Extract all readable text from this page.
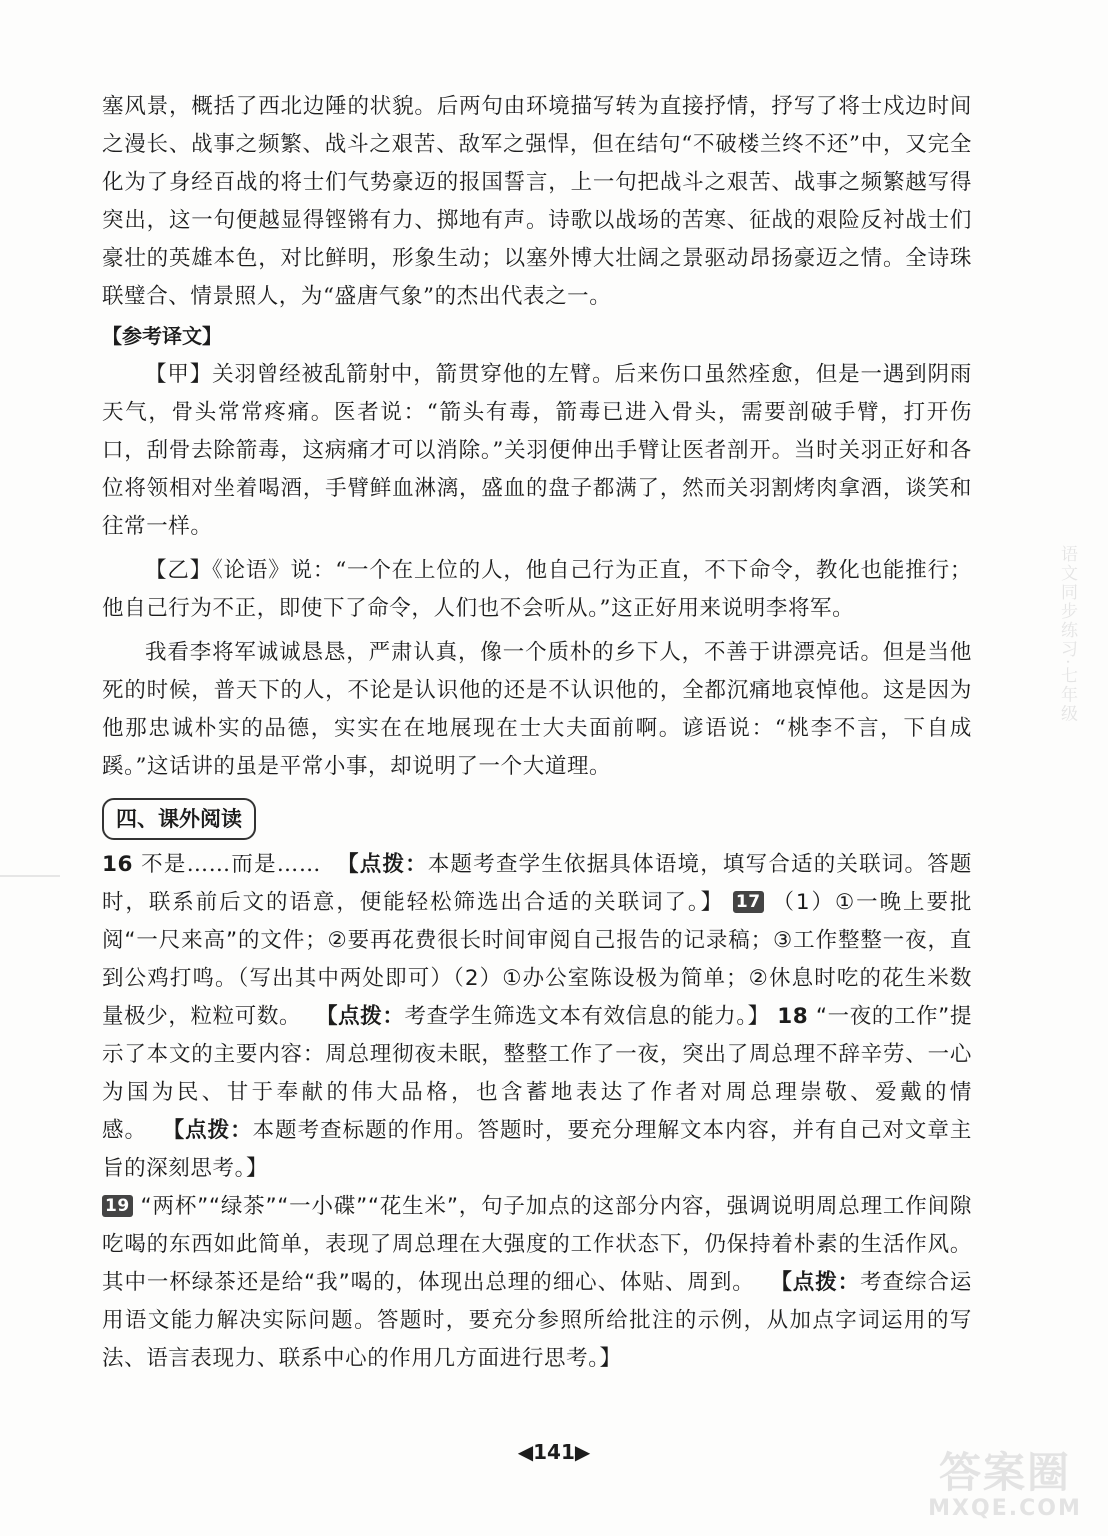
塞风景，概括了西北边陲的状貌。后两句由环境描写转为直接抒情，抒写了将士戍边时间之漫长、战事之频繁、战斗之艰苦、敌军之强悍，但在结句“不破楼兰终不还”中，又完全化为了身经百战的将士们气势豪迈的报国誓言，上一句把战斗之艰苦、战事之频繁越写得突出，这一句便越显得铿锵有力、掷地有声。诗歌以战场的苦寒、征战的艰险反衬战士们豪壮的英雄本色，对比鲜明，形象生动；以塞外博大壮阔之景驱动昂扬豪迈之情。全诗珠联璧合、情景照人，为“盛唐气象”的杰出代表之一。

【参考译文】

【甲】关羽曾经被乱箭射中，箭贯穿他的左臂。后来伤口虽然痊愈，但是一遇到阴雨天气，骨头常常疼痛。医者说：“箭头有毒，箭毒已进入骨头，需要剖破手臂，打开伤口，刮骨去除箭毒，这病痛才可以消除。”关羽便伸出手臂让医者剖开。当时关羽正好和各位将领相对坐着喝酒，手臂鲜血淋漓，盛血的盘子都满了，然而关羽割烤肉拿酒，谈笑和往常一样。

【乙】《论语》说：“一个在上位的人，他自己行为正直，不下命令，教化也能推行；他自己行为不正，即使下了命令，人们也不会听从。”这正好用来说明李将军。

我看李将军诚诚恳恳，严肃认真，像一个质朴的乡下人，不善于讲漂亮话。但是当他死的时候，普天下的人，不论是认识他的还是不认识他的，全都沉痛地哀悼他。这是因为他那忠诚朴实的品德，实实在在地展现在士大夫面前啊。谚语说：“桃李不言，下自成蹊。”这话讲的虽是平常小事，却说明了一个大道理。

四、课外阅读

16 不是……而是…… 【点拨：本题考查学生依据具体语境，填写合适的关联词。答题时，联系前后文的语意，便能轻松筛选出合适的关联词了。】 17 （1）①一晚上要批阅“一尺来高”的文件；②要再花费很长时间审阅自己报告的记录稿；③工作整整一夜，直到公鸡打鸣。（写出其中两处即可）（2）①办公室陈设极为简单；②休息时吃的花生米数量极少，粒粒可数。 【点拨：考查学生筛选文本有效信息的能力。】 18 “一夜的工作”提示了本文的主要内容：周总理彻夜未眠，整整工作了一夜，突出了周总理不辞辛劳、一心为国为民、甘于奉献的伟大品格，也含蓄地表达了作者对周总理崇敬、爱戴的情感。 【点拨：本题考查标题的作用。答题时，要充分理解文本内容，并有自己对文章主旨的深刻思考。】

19 “两杯”“绿茶”“一小碟”“花生米”，句子加点的这部分内容，强调说明周总理工作间隙吃喝的东西如此简单，表现了周总理在大强度的工作状态下，仍保持着朴素的生活作风。其中一杯绿茶还是给“我”喝的，体现出总理的细心、体贴、周到。 【点拨：考查综合运用语文能力解决实际问题。答题时，要充分参照所给批注的示例，从加点字词运用的写法、语言表现力、联系中心的作用几方面进行思考。】

语文同步练习·七年级
◀141▶	答案圈
MXQE.COM
